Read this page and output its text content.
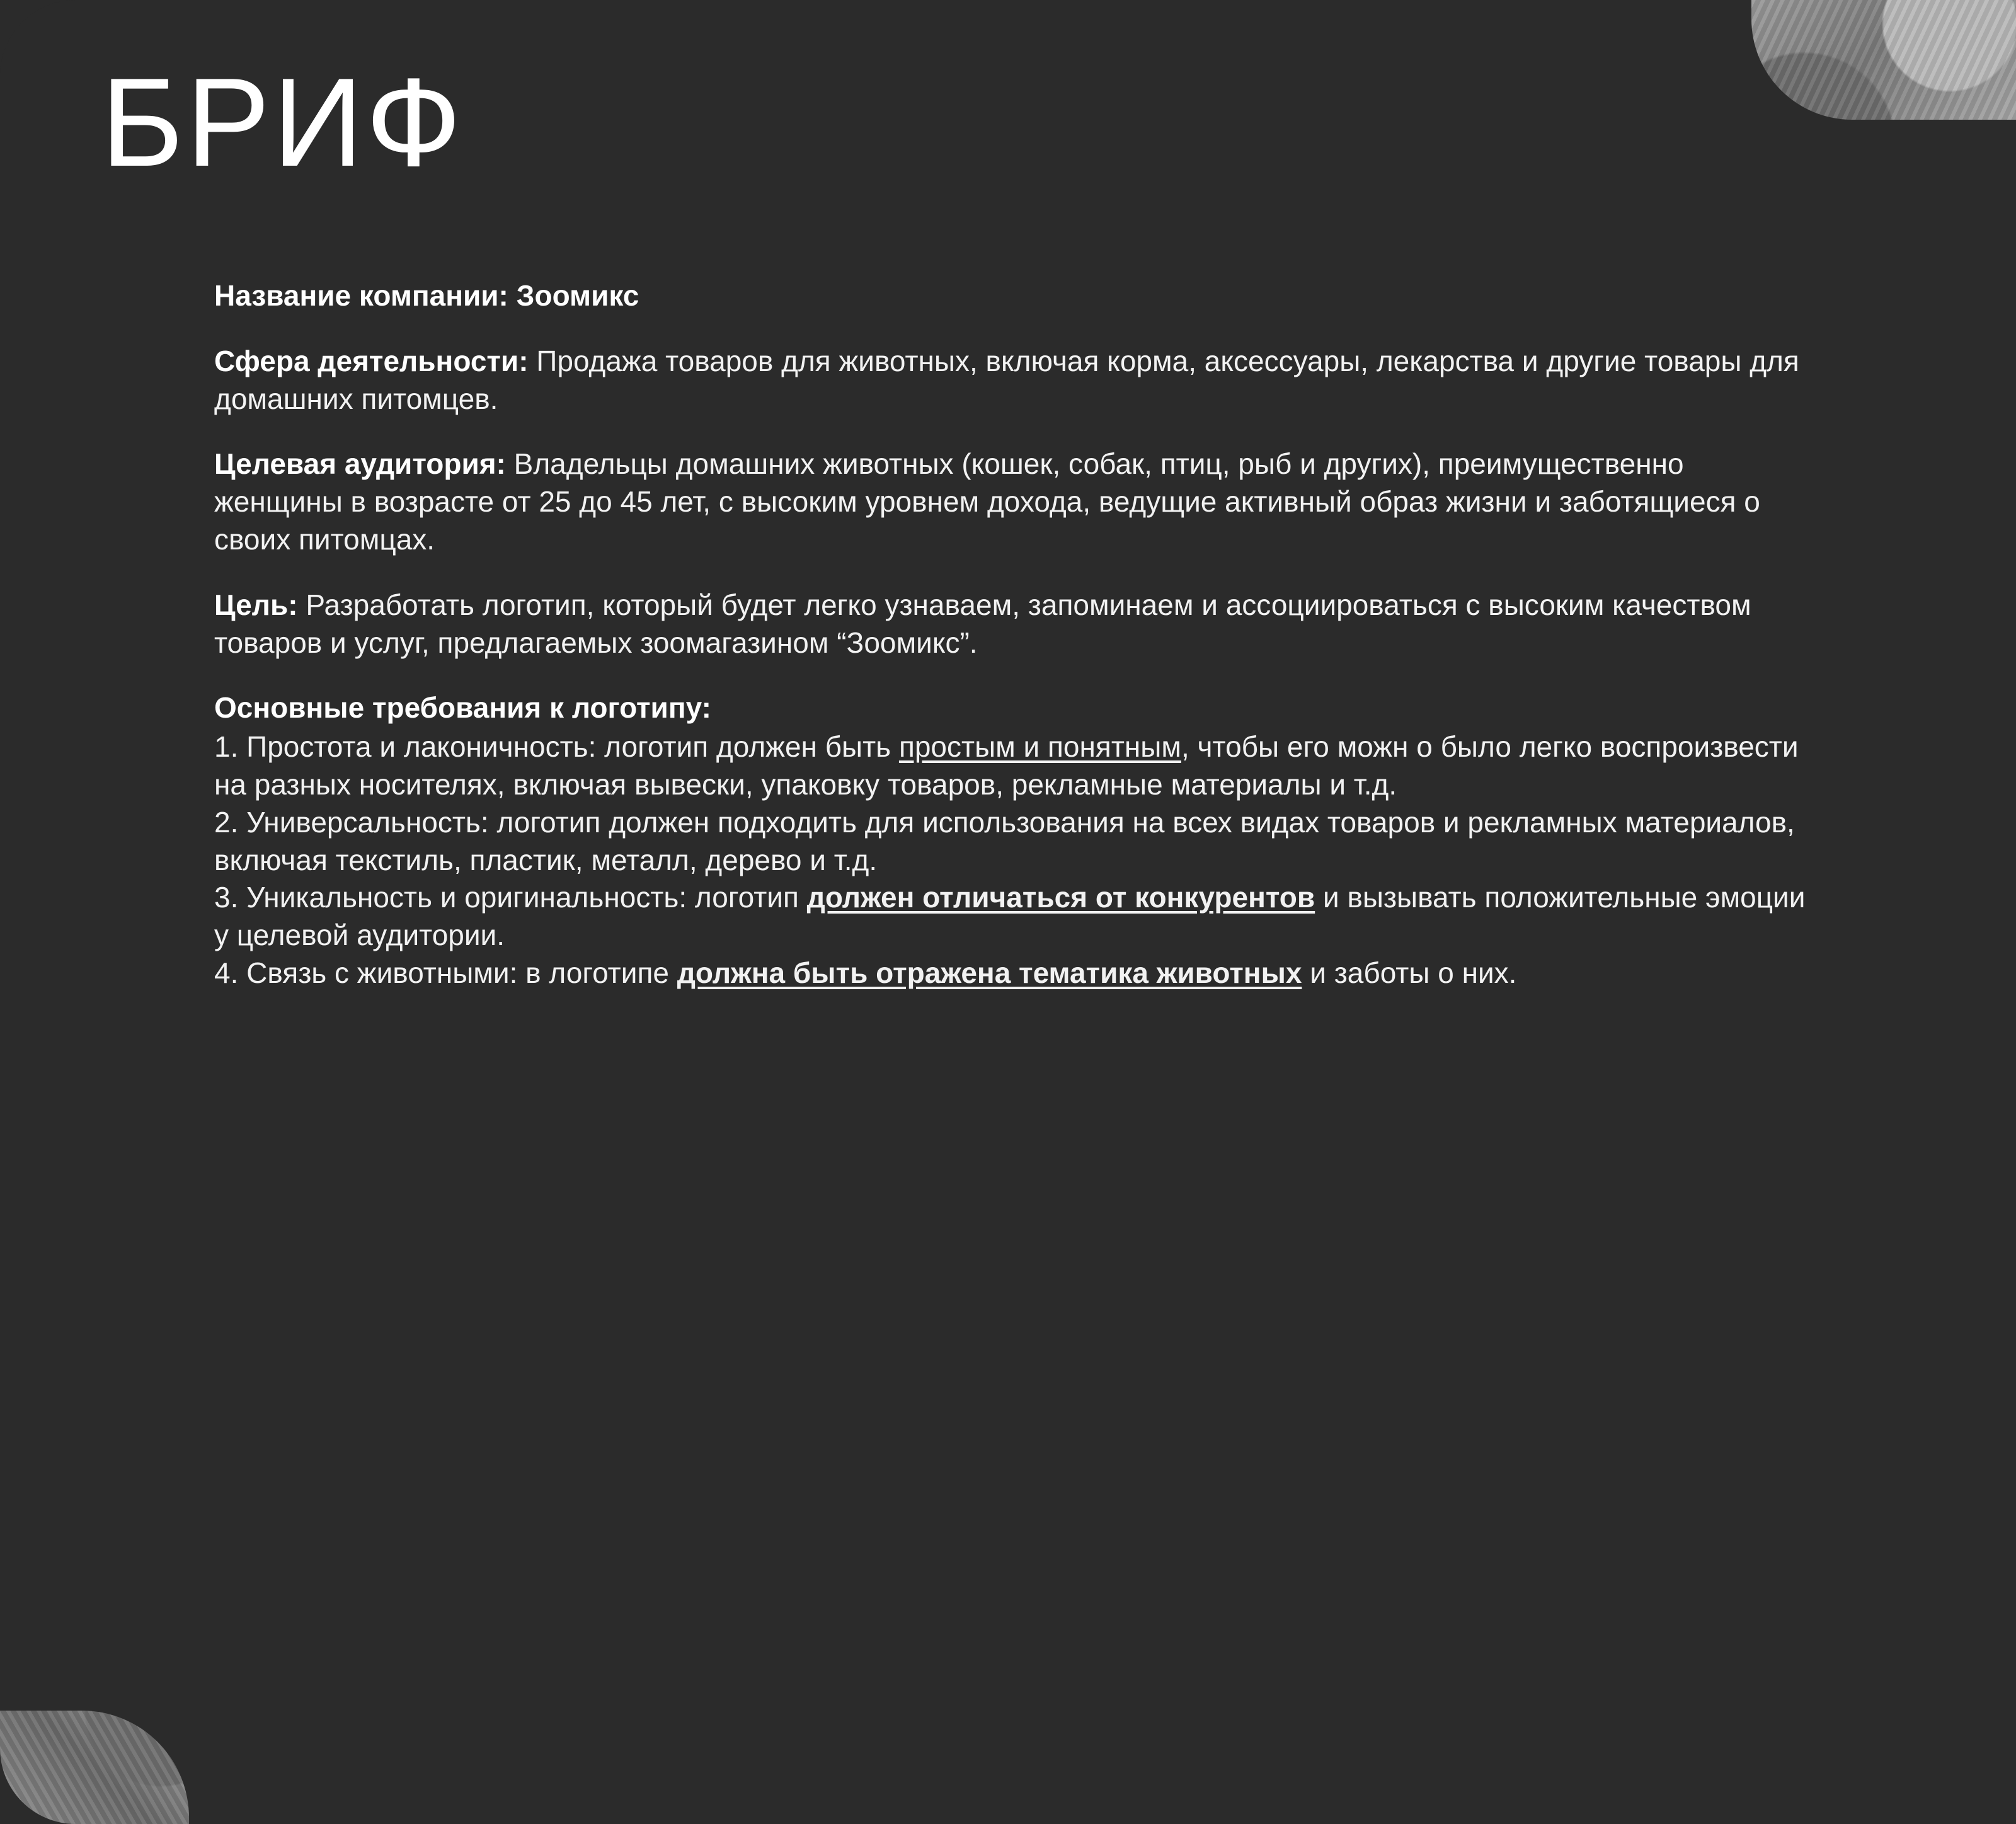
БРИФ

Название компании: Зоомикс

Сфера деятельности: Продажа товаров для животных, включая корма, аксессуары, лекарства и другие товары для домашних питомцев.

Целевая аудитория: Владельцы домашних животных (кошек, собак, птиц, рыб и других), преимущественно женщины в возрасте от 25 до 45 лет, с высоким уровнем дохода, ведущие активный образ жизни и заботящиеся о своих питомцах.

Цель: Разработать логотип, который будет легко узнаваем, запоминаем и ассоциироваться с высоким качеством товаров и услуг, предлагаемых зоомагазином “Зоомикс”.

Основные требования к логотипу:

1. Простота и лаконичность: логотип должен быть простым и понятным, чтобы его можн о было легко воспроизвести на разных носителях, включая вывески, упаковку товаров, рекламные материалы и т.д.

2. Универсальность: логотип должен подходить для использования на всех видах товаров и рекламных материалов, включая текстиль, пластик, металл, дерево и т.д.

3. Уникальность и оригинальность: логотип должен отличаться от конкурентов и вызывать положительные эмоции у целевой аудитории.

4. Связь с животными: в логотипе должна быть отражена тематика животных и заботы о них.
